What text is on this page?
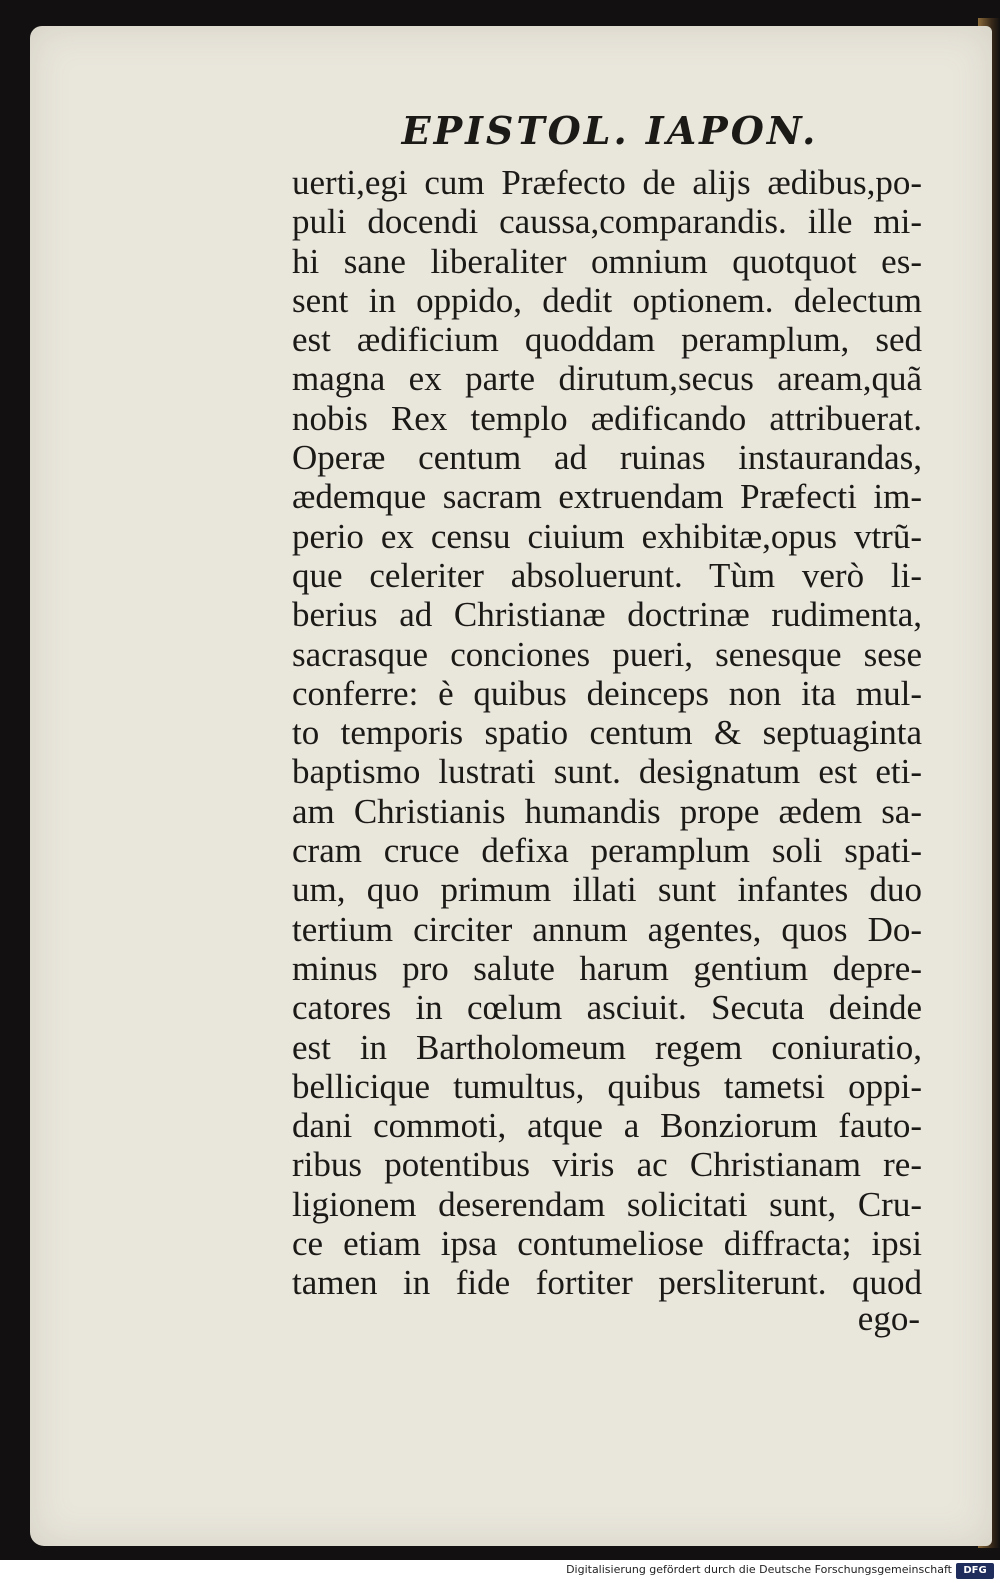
EPISTOL. IAPON.
uerti,egi cum Præfecto de alijs ædibus,po-
puli docendi caussa,comparandis. ille mi-
hi sane liberaliter omnium quotquot es-
sent in oppido, dedit optionem. delectum
est ædificium quoddam peramplum, sed
magna ex parte dirutum,secus aream,quã
nobis Rex templo ædificando attribuerat.
Operæ centum ad ruinas instaurandas,
ædemque sacram extruendam Præfecti im-
perio ex censu ciuium exhibitæ,opus vtrũ-
que celeriter absoluerunt. Tùm verò li-
berius ad Christianæ doctrinæ rudimenta,
sacrasque conciones pueri, senesque sese
conferre: è quibus deinceps non ita mul-
to temporis spatio centum & septuaginta
baptismo lustrati sunt. designatum est eti-
am Christianis humandis prope ædem sa-
cram cruce defixa peramplum soli spati-
um, quo primum illati sunt infantes duo
tertium circiter annum agentes, quos Do-
minus pro salute harum gentium depre-
catores in cœlum asciuit. Secuta deinde
est in Bartholomeum regem coniuratio,
bellicique tumultus, quibus tametsi oppi-
dani commoti, atque a Bonziorum fauto-
ribus potentibus viris ac Christianam re-
ligionem deserendam solicitati sunt, Cru-
ce etiam ipsa contumeliose diffracta; ipsi
tamen in fide fortiter persliterunt. quod
ego-
Digitalisierung gefördert durch die Deutsche Forschungsgemeinschaft	DFG
